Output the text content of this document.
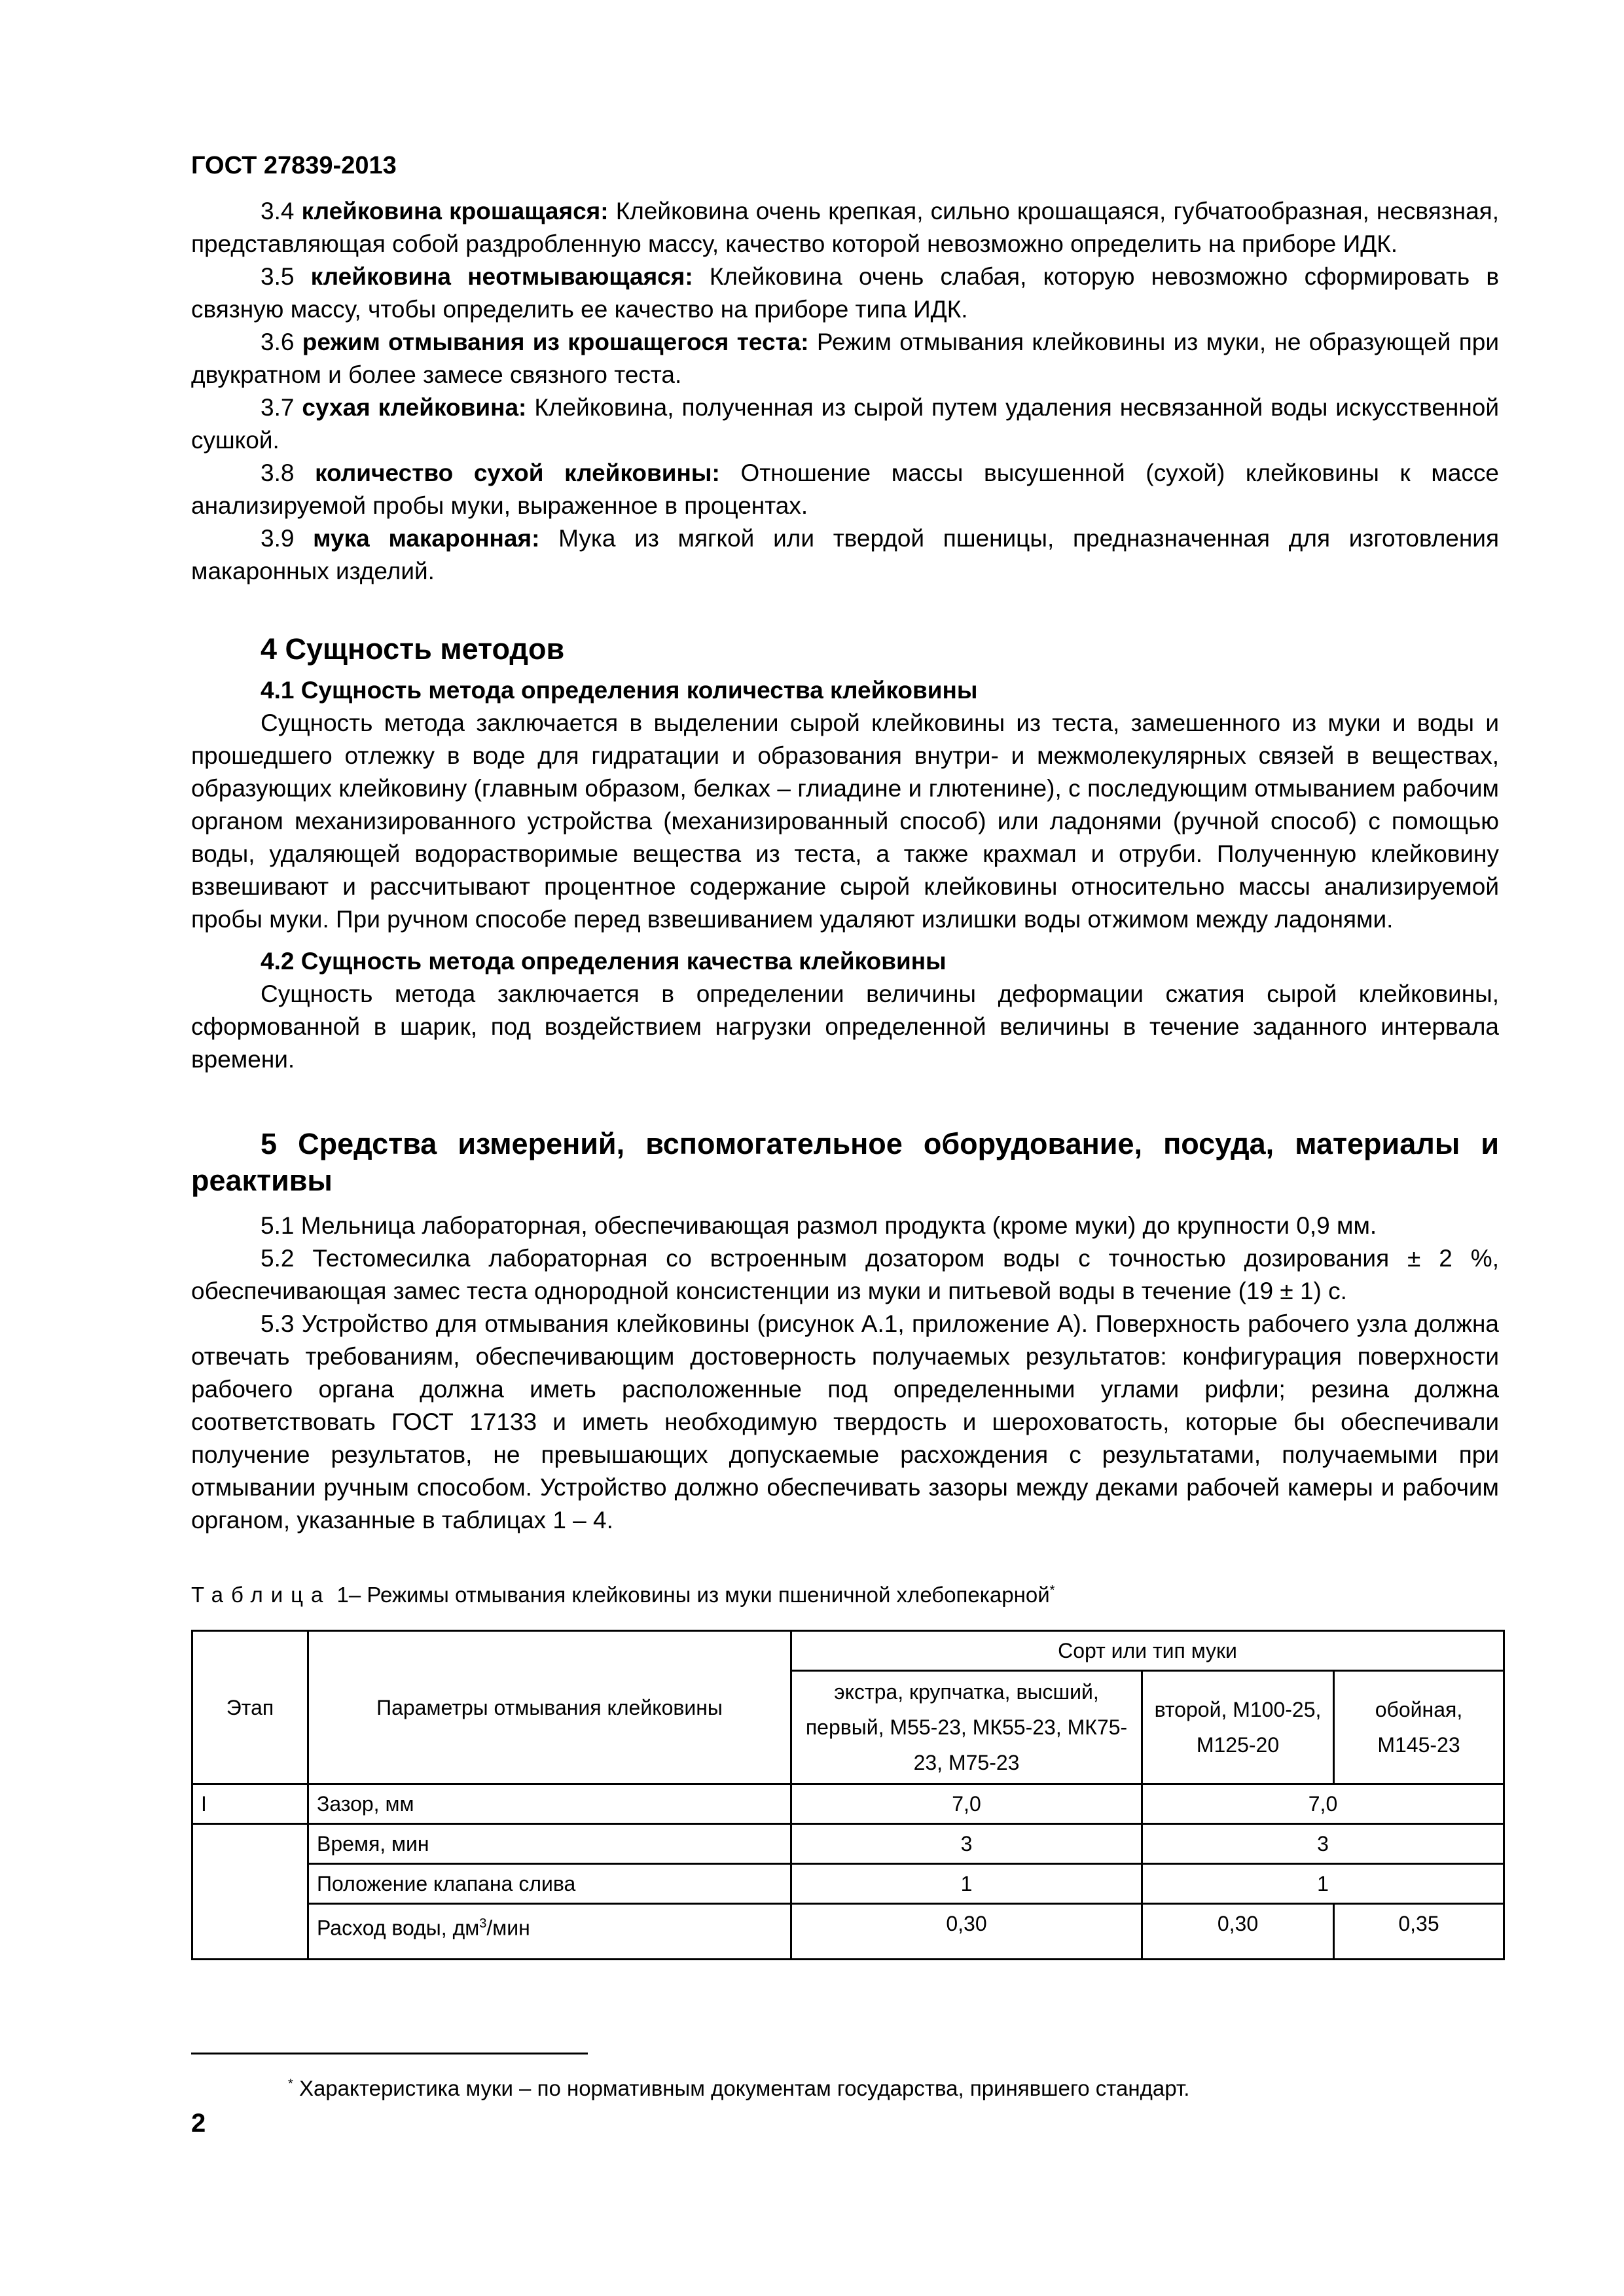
ГОСТ 27839-2013

3.4 клейковина крошащаяся: Клейковина очень крепкая, сильно крошащаяся, губчатообразная, несвязная, представляющая собой раздробленную массу, качество которой невозможно определить на приборе ИДК.

3.5 клейковина неотмывающаяся: Клейковина очень слабая, которую невозможно сформировать в связную массу, чтобы определить ее качество на приборе типа ИДК.

3.6 режим отмывания из крошащегося теста: Режим отмывания клейковины из муки, не образующей при двукратном и более замесе связного теста.

3.7 сухая клейковина: Клейковина, полученная из сырой путем удаления несвязанной воды искусственной сушкой.

3.8 количество сухой клейковины: Отношение массы высушенной (сухой) клейковины к массе анализируемой пробы муки, выраженное в процентах.

3.9 мука макаронная: Мука из мягкой или твердой пшеницы, предназначенная для изготовления макаронных изделий.

4 Сущность методов

4.1 Сущность метода определения количества клейковины

Сущность метода заключается в выделении сырой клейковины из теста, замешенного из муки и воды и прошедшего отлежку в воде для гидратации и образования внутри- и межмолекулярных связей в веществах, образующих клейковину (главным образом, белках – глиадине и глютенине), с последующим отмыванием рабочим органом механизированного устройства (механизированный способ) или ладонями (ручной способ) с помощью воды, удаляющей водорастворимые вещества из теста, а также крахмал и отруби. Полученную клейковину взвешивают и рассчитывают процентное содержание сырой клейковины относительно массы анализируемой пробы муки. При ручном способе перед взвешиванием удаляют излишки воды отжимом между ладонями.

4.2 Сущность метода определения качества клейковины

Сущность метода заключается в определении величины деформации сжатия сырой клейковины, сформованной в шарик, под воздействием нагрузки определенной величины в течение заданного интервала времени.

5 Средства измерений, вспомогательное оборудование, посуда, материалы и реактивы

5.1 Мельница лабораторная, обеспечивающая размол продукта (кроме муки) до крупности 0,9 мм.

5.2 Тестомесилка лабораторная со встроенным дозатором воды с точностью дозирования ± 2 %, обеспечивающая замес теста однородной консистенции из муки и питьевой воды в течение (19 ± 1) с.

5.3 Устройство для отмывания клейковины (рисунок А.1, приложение А). Поверхность рабочего узла должна отвечать требованиям, обеспечивающим достоверность получаемых результатов: конфигурация поверхности рабочего органа должна иметь расположенные под определенными углами рифли; резина должна соответствовать ГОСТ 17133 и иметь необходимую твердость и шероховатость, которые бы обеспечивали получение результатов, не превышающих допускаемые расхождения с результатами, получаемыми при отмывании ручным способом. Устройство должно обеспечивать зазоры между деками рабочей камеры и рабочим органом, указанные в таблицах 1 – 4.

Таблица 1– Режимы отмывания клейковины из муки пшеничной хлебопекарной*
Этап	Параметры отмывания клейковины	Сорт или тип муки		
		экстра, крупчатка, высший, первый, М55-23, МК55-23, МК75-23, М75-23	второй, М100-25, М125-20	обойная, М145-23
I	Зазор, мм	7,0	7,0	
	Время, мин	3	3	
	Положение клапана слива	1	1	
	Расход воды, $дм^3$/мин	0,30	0,30	0,35
* Характеристика муки – по нормативным документам государства, принявшего стандарт.
2
